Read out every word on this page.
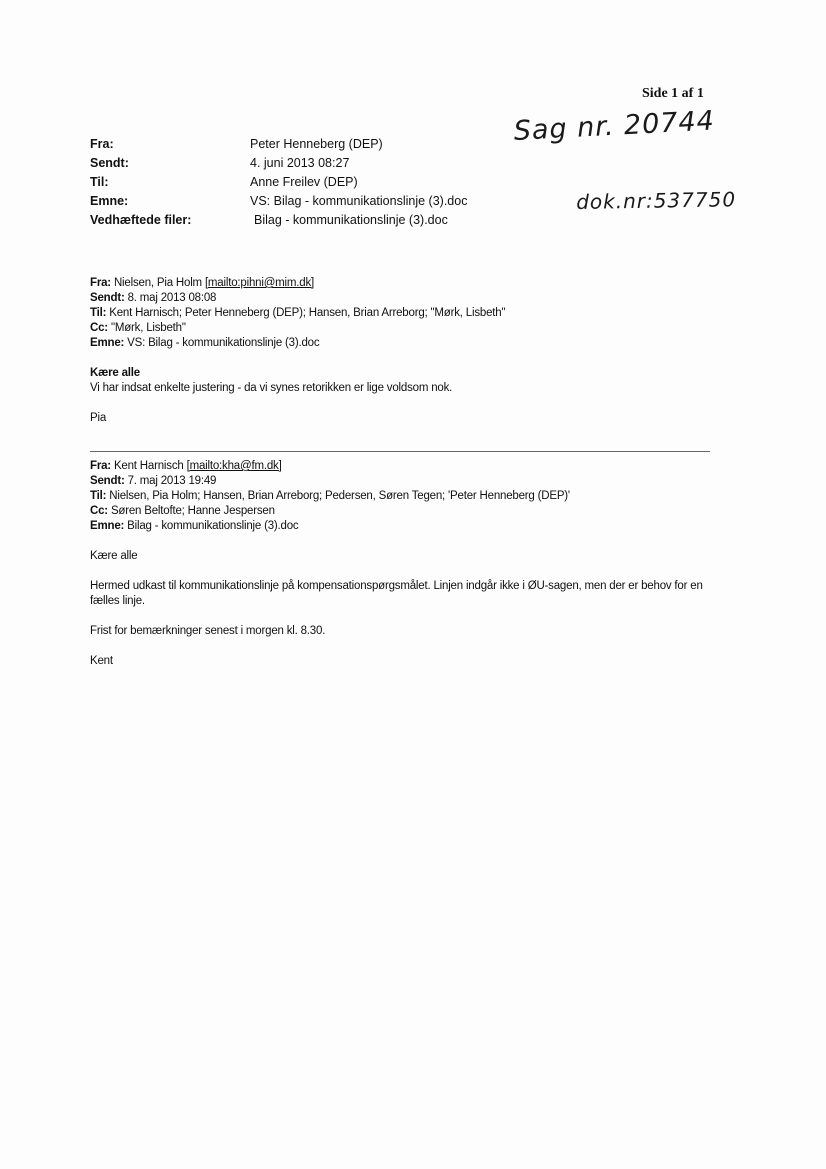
Side 1 af 1
Sag nr. 20744
dok.nr:537750
Fra:	Peter Henneberg (DEP)
Sendt:	4. juni 2013 08:27
Til:	Anne Freilev (DEP)
Emne:	VS: Bilag - kommunikationslinje (3).doc
Vedhæftede filer:	Bilag - kommunikationslinje (3).doc
Fra: Nielsen, Pia Holm [mailto:pihni@mim.dk]
Sendt: 8. maj 2013 08:08
Til: Kent Harnisch; Peter Henneberg (DEP); Hansen, Brian Arreborg; "Mørk, Lisbeth"
Cc: "Mørk, Lisbeth"
Emne: VS: Bilag - kommunikationslinje (3).doc
Kære alle
Vi har indsat enkelte justering - da vi synes retorikken er lige voldsom nok.
Pia
Fra: Kent Harnisch [mailto:kha@fm.dk]
Sendt: 7. maj 2013 19:49
Til: Nielsen, Pia Holm; Hansen, Brian Arreborg; Pedersen, Søren Tegen; 'Peter Henneberg (DEP)'
Cc: Søren Beltofte; Hanne Jespersen
Emne: Bilag - kommunikationslinje (3).doc
Kære alle

Hermed udkast til kommunikationslinje på kompensationspørgsmålet. Linjen indgår ikke i ØU-sagen, men der er behov for en fælles linje.

Frist for bemærkninger senest i morgen kl. 8.30.
Kent
